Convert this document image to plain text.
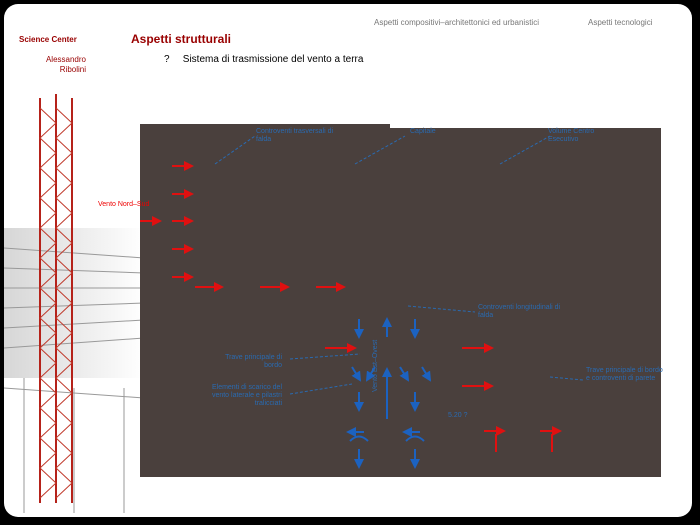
Aspetti compositivi–architettonici ed urbanistici	Aspetti tecnologici
Science Center
Alessandro
Ribolini
Aspetti strutturali
? Sistema di trasmissione del vento a terra
Controventi trasversali di falda
Capitale	Volume Centro Esecutivo
Controventi longitudinali di falda
Trave principale di bordo
Elementi di scarico del vento laterale e pilastri tralicciati
Trave principale di bordo e controventi di parete
Vento Est–Ovest
5.20 ?
Vento Nord–Sud
